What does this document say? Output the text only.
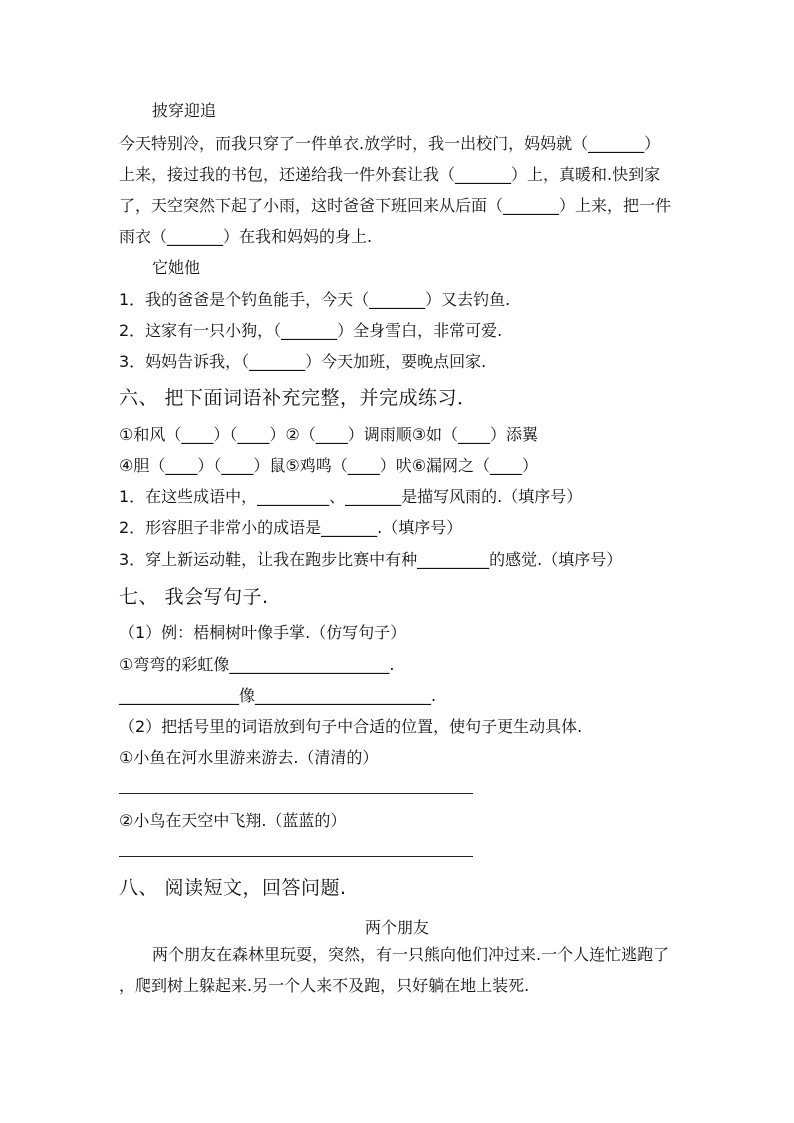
披穿迎追
今天特别冷，而我只穿了一件单衣.放学时，我一出校门，妈妈就（_______）
上来，接过我的书包，还递给我一件外套让我（_______）上，真暖和.快到家
了，天空突然下起了小雨，这时爸爸下班回来从后面（_______）上来，把一件
雨衣（_______）在我和妈妈的身上.
它她他
1．我的爸爸是个钓鱼能手，今天（_______）又去钓鱼.
2．这家有一只小狗，（_______）全身雪白，非常可爱.
3．妈妈告诉我，（_______）今天加班，要晚点回家.
六、 把下面词语补充完整，并完成练习．
①和风（____）（____）②（____）调雨顺③如（____）添翼
④胆（____）（____）鼠⑤鸡鸣（____）吠⑥漏网之（____）
1．在这些成语中，_________、_______是描写风雨的.（填序号）
2．形容胆子非常小的成语是_______.（填序号）
3．穿上新运动鞋，让我在跑步比赛中有种_________的感觉.（填序号）
七、 我会写句子.
（1）例：梧桐树叶像手掌.（仿写句子）
①弯弯的彩虹像____________________.
_______________像______________________.
（2）把括号里的词语放到句子中合适的位置，使句子更生动具体.
①小鱼在河水里游来游去.（清清的）
②小鸟在天空中飞翔.（蓝蓝的）
八、 阅读短文，回答问题.
两个朋友
两个朋友在森林里玩耍，突然，有一只熊向他们冲过来.一个人连忙逃跑了
，爬到树上躲起来.另一个人来不及跑，只好躺在地上装死.
